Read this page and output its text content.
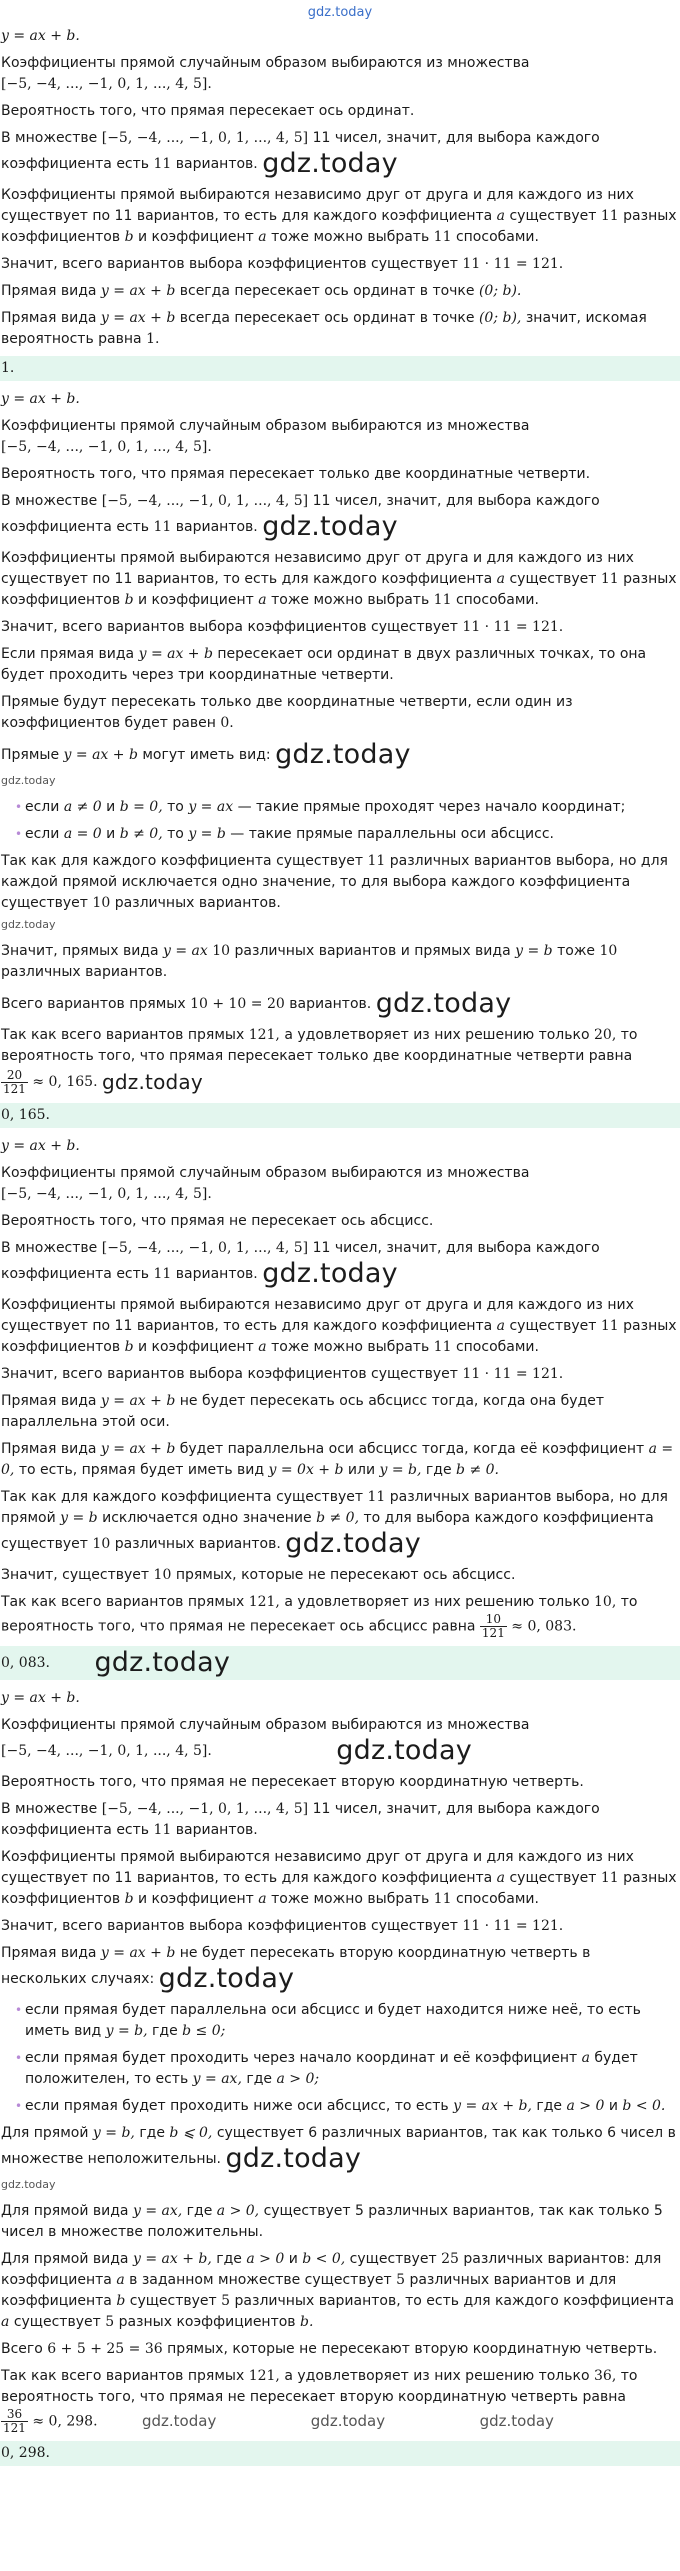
gdz.today
y = ax + b.
Коэффициенты прямой случайным образом выбираются из множества
[−5, −4, ..., −1, 0, 1, ..., 4, 5].
Вероятность того, что прямая пересекает ось ординат.
В множестве [−5, −4, ..., −1, 0, 1, ..., 4, 5] 11 чисел, значит, для выбора каждого коэффициента есть 11 вариантов. gdz.today
Коэффициенты прямой выбираются независимо друг от друга и для каждого из них существует по 11 вариантов, то есть для каждого коэффициента a существует 11 разных коэффициентов b и коэффициент a тоже можно выбрать 11 способами.
Значит, всего вариантов выбора коэффициентов существует 11 · 11 = 121.
Прямая вида y = ax + b всегда пересекает ось ординат в точке (0; b).
Прямая вида y = ax + b всегда пересекает ось ординат в точке (0; b), значит, искомая вероятность равна 1.
1.
y = ax + b.
Коэффициенты прямой случайным образом выбираются из множества
[−5, −4, ..., −1, 0, 1, ..., 4, 5].
Вероятность того, что прямая пересекает только две координатные четверти.
В множестве [−5, −4, ..., −1, 0, 1, ..., 4, 5] 11 чисел, значит, для выбора каждого коэффициента есть 11 вариантов. gdz.today
Коэффициенты прямой выбираются независимо друг от друга и для каждого из них существует по 11 вариантов, то есть для каждого коэффициента a существует 11 разных коэффициентов b и коэффициент a тоже можно выбрать 11 способами.
Значит, всего вариантов выбора коэффициентов существует 11 · 11 = 121.
Если прямая вида y = ax + b пересекает оси ординат в двух различных точках, то она будет проходить через три координатные четверти.
Прямые будут пересекать только две координатные четверти, если один из коэффициентов будет равен 0.
Прямые y = ax + b могут иметь вид: gdz.today
gdz.today
• если a ≠ 0 и b = 0, то y = ax — такие прямые проходят через начало координат;
• если a = 0 и b ≠ 0, то y = b — такие прямые параллельны оси абсцисс.
Так как для каждого коэффициента существует 11 различных вариантов выбора, но для каждой прямой исключается одно значение, то для выбора каждого коэффициента существует 10 различных вариантов.
gdz.today
Значит, прямых вида y = ax 10 различных вариантов и прямых вида y = b тоже 10 различных вариантов.
Всего вариантов прямых 10 + 10 = 20 вариантов. gdz.today
Так как всего вариантов прямых 121, а удовлетворяет из них решению только 20, то вероятность того, что прямая пересекает только две координатные четверти равна

$\frac{20}{121} \approx 0$, 165. gdz.today
0, 165.
y = ax + b.
Коэффициенты прямой случайным образом выбираются из множества
[−5, −4, ..., −1, 0, 1, ..., 4, 5].
Вероятность того, что прямая не пересекает ось абсцисс.
В множестве [−5, −4, ..., −1, 0, 1, ..., 4, 5] 11 чисел, значит, для выбора каждого коэффициента есть 11 вариантов. gdz.today
Коэффициенты прямой выбираются независимо друг от друга и для каждого из них существует по 11 вариантов, то есть для каждого коэффициента a существует 11 разных коэффициентов b и коэффициент a тоже можно выбрать 11 способами.
Значит, всего вариантов выбора коэффициентов существует 11 · 11 = 121.
Прямая вида y = ax + b не будет пересекать ось абсцисс тогда, когда она будет параллельна этой оси.
Прямая вида y = ax + b будет параллельна оси абсцисс тогда, когда её коэффициент a = 0, то есть, прямая будет иметь вид y = 0x + b или y = b, где b ≠ 0.
Так как для каждого коэффициента существует 11 различных вариантов выбора, но для прямой y = b исключается одно значение b ≠ 0, то для выбора каждого коэффициента существует 10 различных вариантов. gdz.today
Значит, существует 10 прямых, которые не пересекают ось абсцисс.
Так как всего вариантов прямых 121, а удовлетворяет из них решению только 10, то вероятность того, что прямая не пересекает ось абсцисс равна $\frac{10}{121} \approx 0$, 083.
0, 083. gdz.today
y = ax + b.
Коэффициенты прямой случайным образом выбираются из множества
[−5, −4, ..., −1, 0, 1, ..., 4, 5].	gdz.today
Вероятность того, что прямая не пересекает вторую координатную четверть.
В множестве [−5, −4, ..., −1, 0, 1, ..., 4, 5] 11 чисел, значит, для выбора каждого коэффициента есть 11 вариантов.
Коэффициенты прямой выбираются независимо друг от друга и для каждого из них существует по 11 вариантов, то есть для каждого коэффициента a существует 11 разных коэффициентов b и коэффициент a тоже можно выбрать 11 способами.
Значит, всего вариантов выбора коэффициентов существует 11 · 11 = 121.
Прямая вида y = ax + b не будет пересекать вторую координатную четверть в нескольких случаях: gdz.today
• если прямая будет параллельна оси абсцисс и будет находится ниже неё, то есть иметь вид y = b, где b ≤ 0;
• если прямая будет проходить через начало координат и её коэффициент a будет положителен, то есть y = ax, где a > 0;
• если прямая будет проходить ниже оси абсцисс, то есть y = ax + b, где a > 0 и b < 0.
Для прямой y = b, где b ⩽ 0, существует 6 различных вариантов, так как только 6 чисел в множестве неположительны. gdz.today
gdz.today
Для прямой вида y = ax, где a > 0, существует 5 различных вариантов, так как только 5 чисел в множестве положительны.
Для прямой вида y = ax + b, где a > 0 и b < 0, существует 25 различных вариантов: для коэффициента a в заданном множестве существует 5 различных вариантов и для коэффициента b существует 5 различных вариантов, то есть для каждого коэффициента a существует 5 разных коэффициентов b.
Всего 6 + 5 + 25 = 36 прямых, которые не пересекают вторую координатную четверть.
Так как всего вариантов прямых 121, а удовлетворяет из них решению только 36, то вероятность того, что прямая не пересекает вторую координатную четверть равна

$\frac{36}{121} \approx 0$, 298.	gdz.today	gdz.today	gdz.today
0, 298.
